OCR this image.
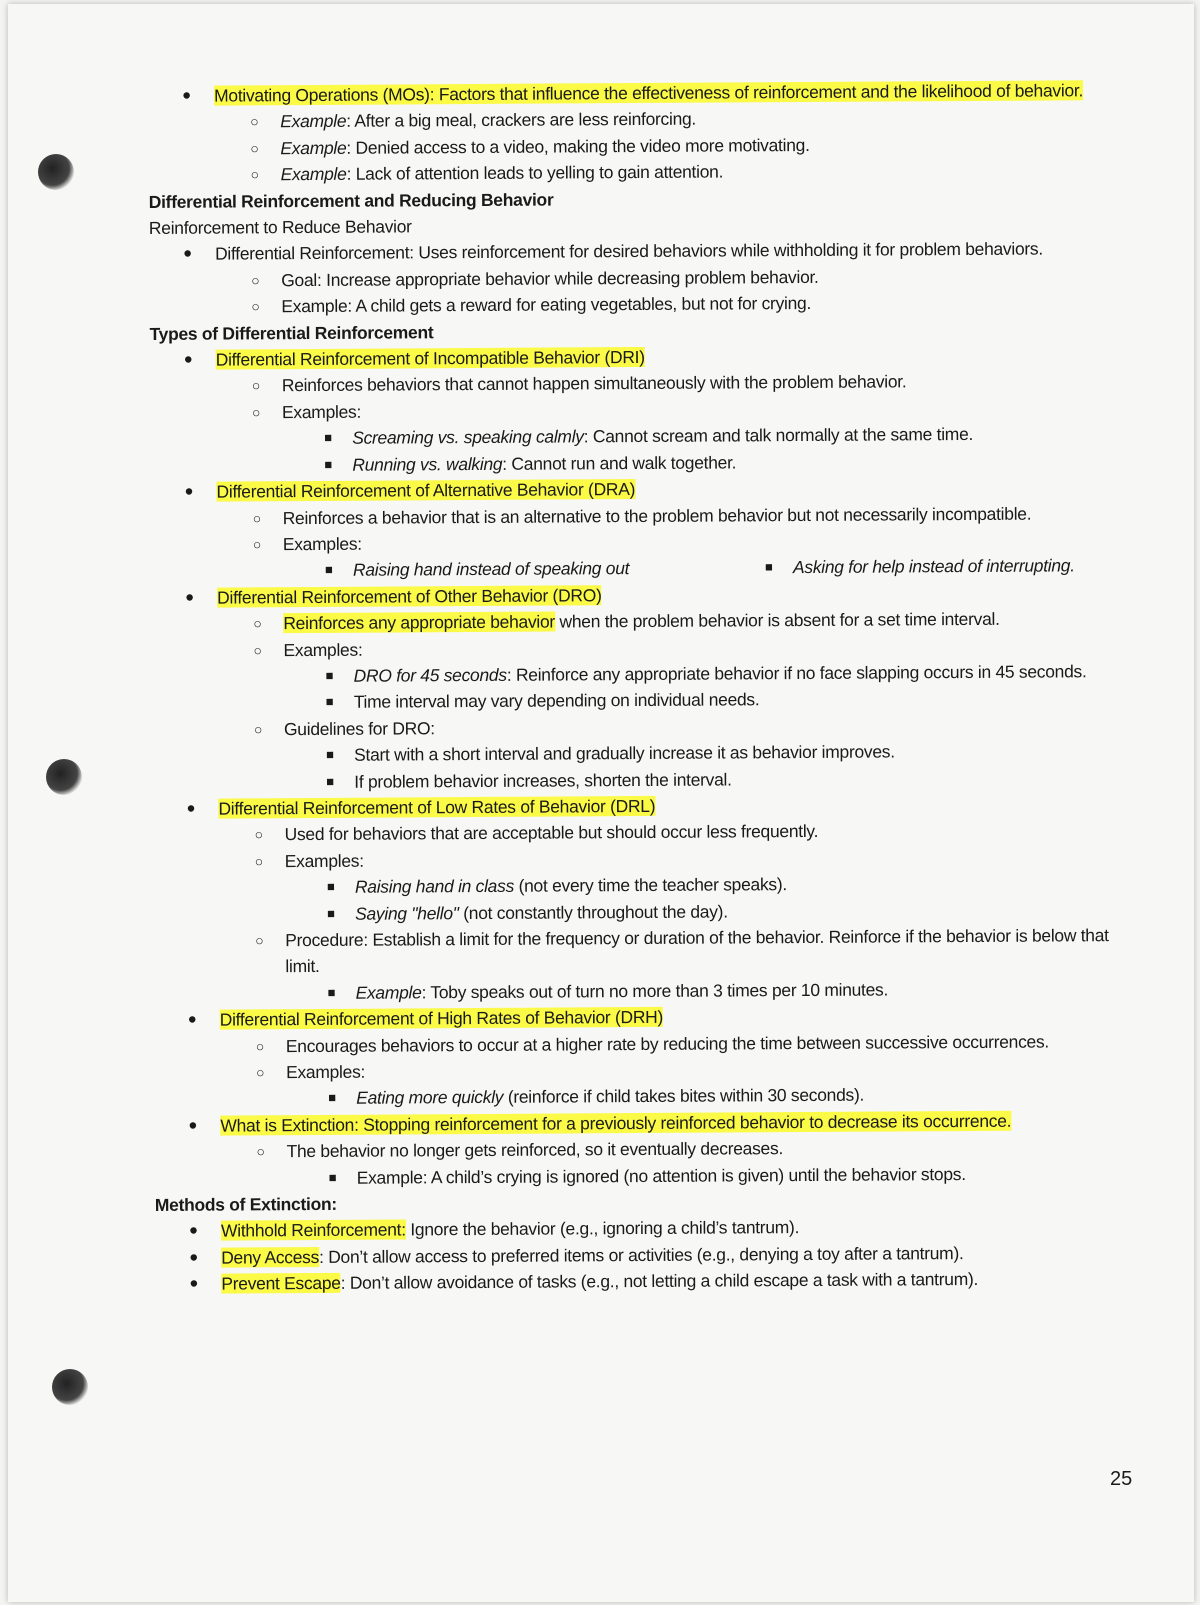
● Motivating Operations (MOs): Factors that influence the effectiveness of reinforcement and the likelihood of behavior.
○ Example: After a big meal, crackers are less reinforcing.
○ Example: Denied access to a video, making the video more motivating.
○ Example: Lack of attention leads to yelling to gain attention.
Differential Reinforcement and Reducing Behavior
Reinforcement to Reduce Behavior
● Differential Reinforcement: Uses reinforcement for desired behaviors while withholding it for problem behaviors.
○ Goal: Increase appropriate behavior while decreasing problem behavior.
○ Example: A child gets a reward for eating vegetables, but not for crying.
Types of Differential Reinforcement
● Differential Reinforcement of Incompatible Behavior (DRI)
○ Reinforces behaviors that cannot happen simultaneously with the problem behavior.
○ Examples:
■ Screaming vs. speaking calmly: Cannot scream and talk normally at the same time.
■ Running vs. walking: Cannot run and walk together.
● Differential Reinforcement of Alternative Behavior (DRA)
○ Reinforces a behavior that is an alternative to the problem behavior but not necessarily incompatible.
○ Examples:
■ Raising hand instead of speaking out	■ Asking for help instead of interrupting.
● Differential Reinforcement of Other Behavior (DRO)
○ Reinforces any appropriate behavior when the problem behavior is absent for a set time interval.
○ Examples:
■ DRO for 45 seconds: Reinforce any appropriate behavior if no face slapping occurs in 45 seconds.
■ Time interval may vary depending on individual needs.
○ Guidelines for DRO:
■ Start with a short interval and gradually increase it as behavior improves.
■ If problem behavior increases, shorten the interval.
● Differential Reinforcement of Low Rates of Behavior (DRL)
○ Used for behaviors that are acceptable but should occur less frequently.
○ Examples:
■ Raising hand in class (not every time the teacher speaks).
■ Saying "hello" (not constantly throughout the day).
○ Procedure: Establish a limit for the frequency or duration of the behavior. Reinforce if the behavior is below that limit.
■ Example: Toby speaks out of turn no more than 3 times per 10 minutes.
● Differential Reinforcement of High Rates of Behavior (DRH)
○ Encourages behaviors to occur at a higher rate by reducing the time between successive occurrences.
○ Examples:
■ Eating more quickly (reinforce if child takes bites within 30 seconds).
● What is Extinction: Stopping reinforcement for a previously reinforced behavior to decrease its occurrence.
○ The behavior no longer gets reinforced, so it eventually decreases.
■ Example: A child’s crying is ignored (no attention is given) until the behavior stops.
Methods of Extinction:
● Withhold Reinforcement: Ignore the behavior (e.g., ignoring a child’s tantrum).
● Deny Access: Don’t allow access to preferred items or activities (e.g., denying a toy after a tantrum).
● Prevent Escape: Don’t allow avoidance of tasks (e.g., not letting a child escape a task with a tantrum).
25
